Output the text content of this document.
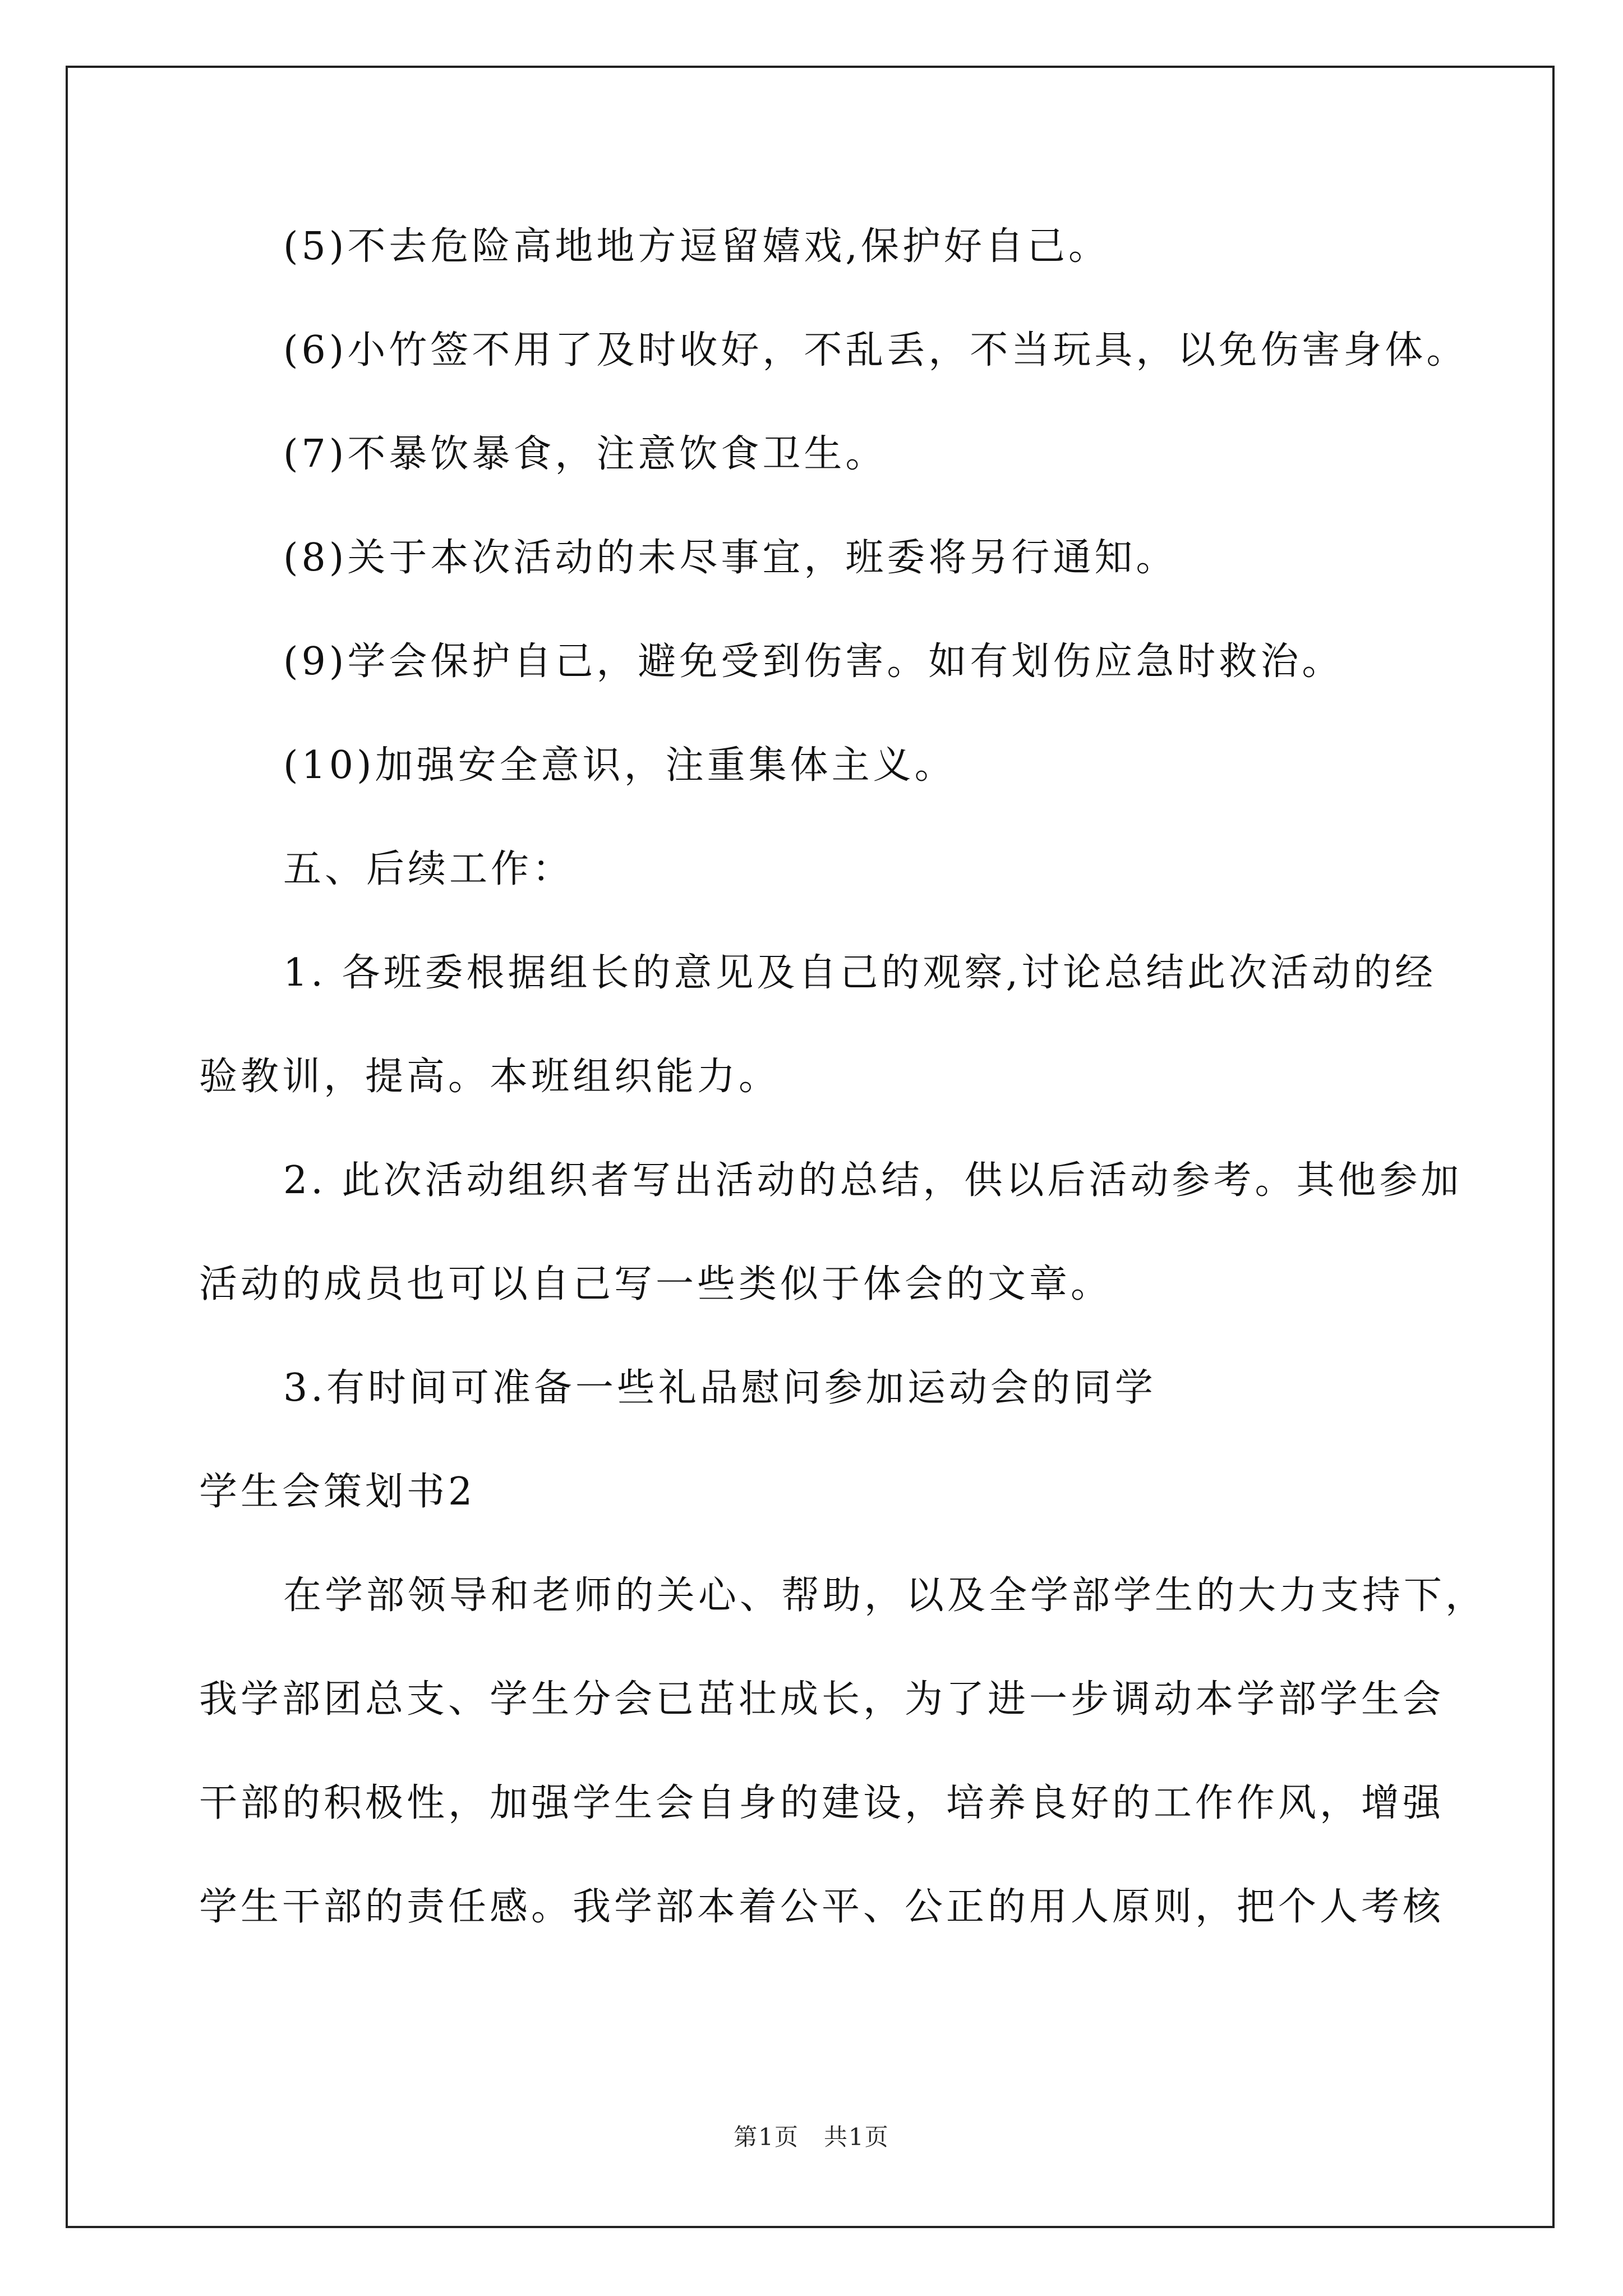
(5)不去危险高地地方逗留嬉戏,保护好自己。
(6)小竹签不用了及时收好，不乱丢，不当玩具，以免伤害身体。
(7)不暴饮暴食，注意饮食卫生。
(8)关于本次活动的未尽事宜，班委将另行通知。
(9)学会保护自己，避免受到伤害。如有划伤应急时救治。
(10)加强安全意识，注重集体主义。
五、后续工作：
1. 各班委根据组长的意见及自己的观察,讨论总结此次活动的经
验教训，提高。本班组织能力。
2. 此次活动组织者写出活动的总结，供以后活动参考。其他参加
活动的成员也可以自己写一些类似于体会的文章。
3.有时间可准备一些礼品慰问参加运动会的同学
学生会策划书2
在学部领导和老师的关心、帮助，以及全学部学生的大力支持下，
我学部团总支、学生分会已茁壮成长，为了进一步调动本学部学生会
干部的积极性，加强学生会自身的建设，培养良好的工作作风，增强
学生干部的责任感。我学部本着公平、公正的用人原则，把个人考核
第1页　共1页
